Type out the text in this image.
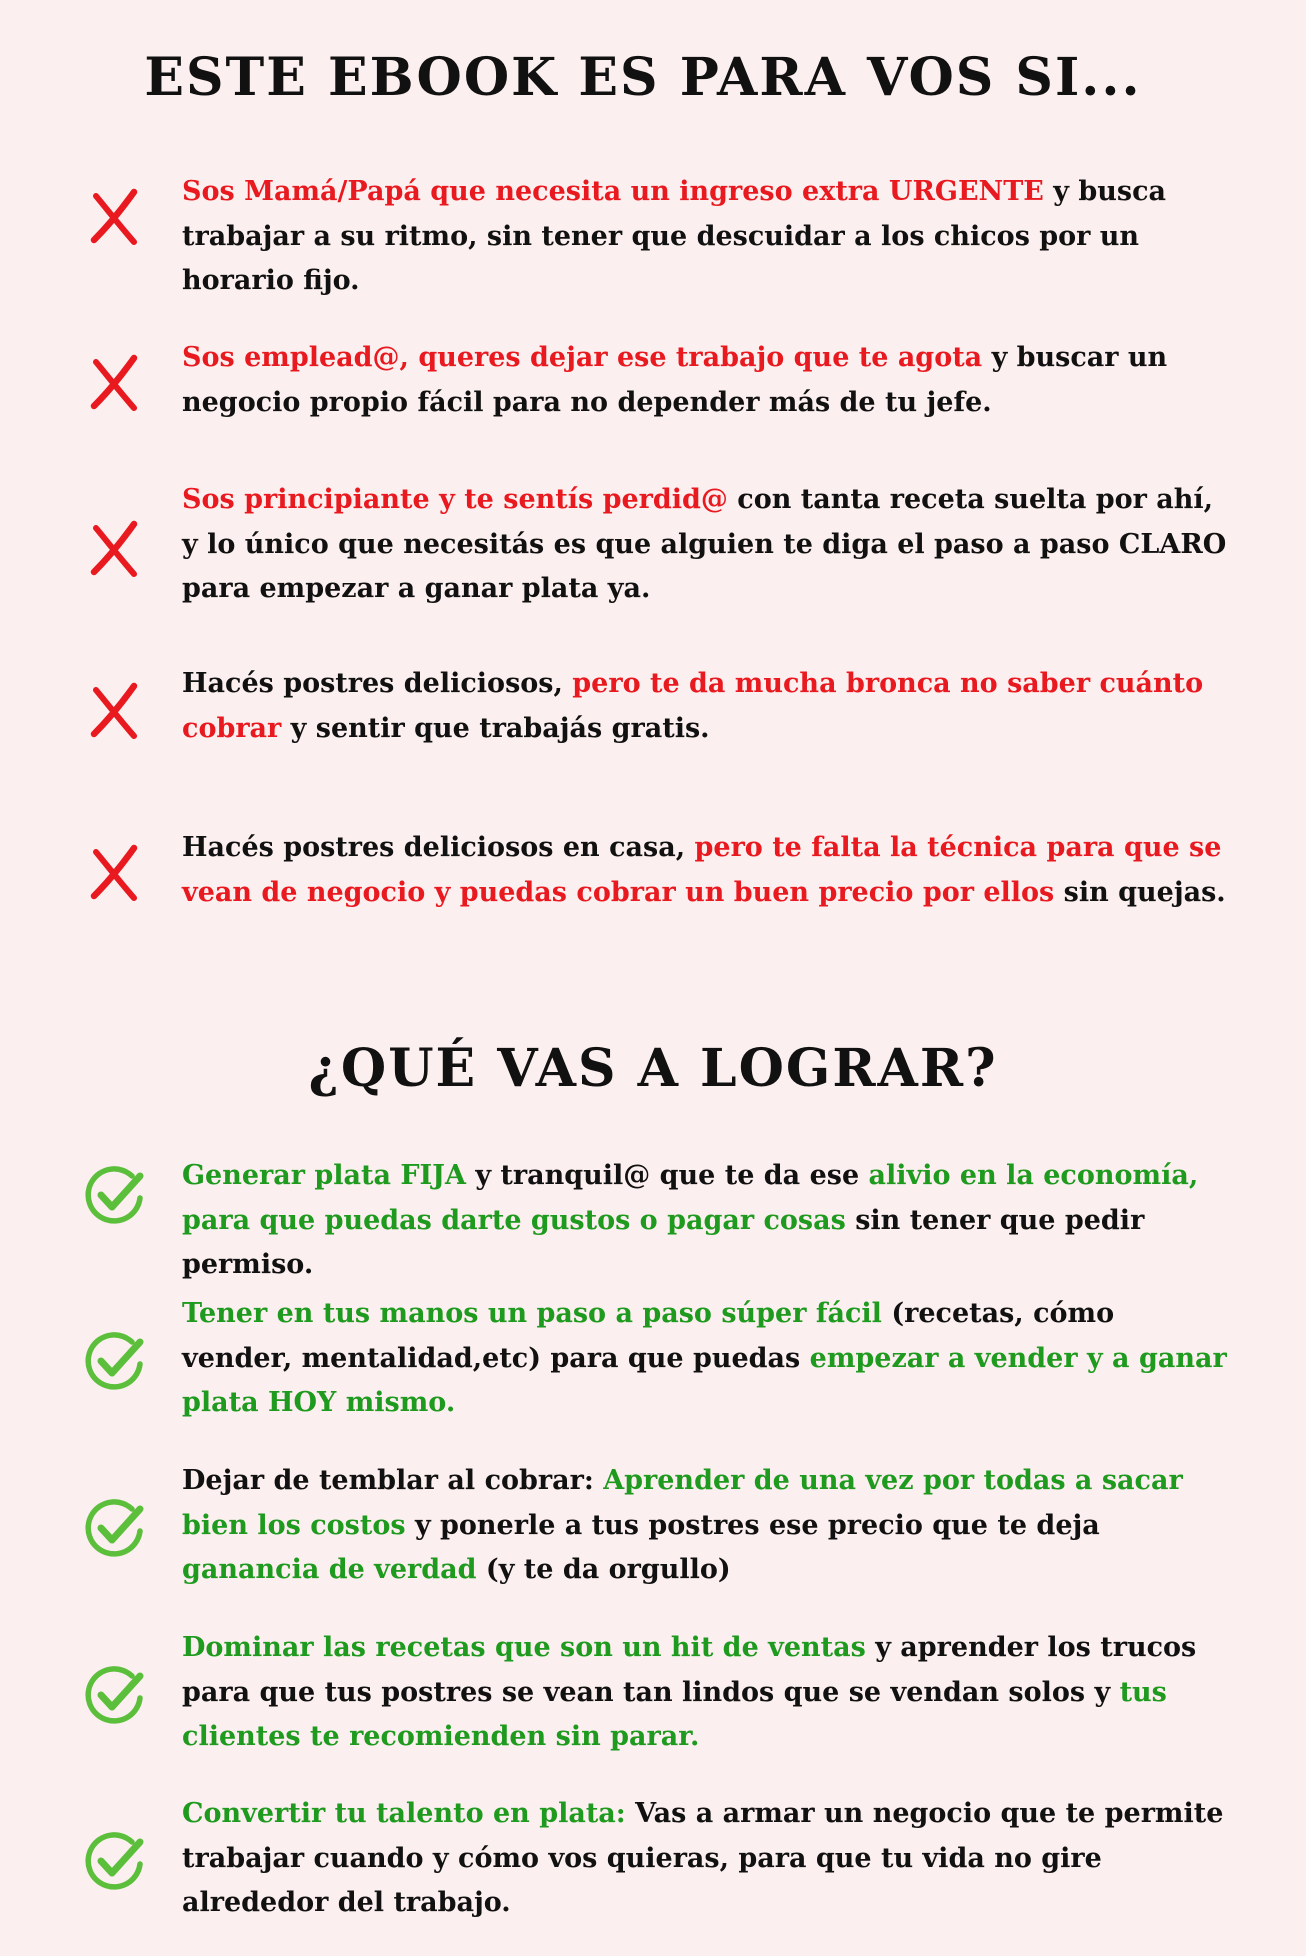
ESTE EBOOK ES PARA VOS SI...
Sos Mamá/Papá que necesita un ingreso extra URGENTE y busca trabajar a su ritmo, sin tener que descuidar a los chicos por un horario fijo.
Sos emplead@, queres dejar ese trabajo que te agota y buscar un negocio propio fácil para no depender más de tu jefe.
Sos principiante y te sentís perdid@ con tanta receta suelta por ahí, y lo único que necesitás es que alguien te diga el paso a paso CLARO para empezar a ganar plata ya.
Hacés postres deliciosos, pero te da mucha bronca no saber cuánto cobrar y sentir que trabajás gratis.
Hacés postres deliciosos en casa, pero te falta la técnica para que se vean de negocio y puedas cobrar un buen precio por ellos sin quejas.
¿QUÉ VAS A LOGRAR?
Generar plata FIJA y tranquil@ que te da ese alivio en la economía, para que puedas darte gustos o pagar cosas sin tener que pedir permiso.
Tener en tus manos un paso a paso súper fácil (recetas, cómo vender, mentalidad,etc) para que puedas empezar a vender y a ganar plata HOY mismo.
Dejar de temblar al cobrar: Aprender de una vez por todas a sacar bien los costos y ponerle a tus postres ese precio que te deja ganancia de verdad (y te da orgullo)
Dominar las recetas que son un hit de ventas y aprender los trucos para que tus postres se vean tan lindos que se vendan solos y tus clientes te recomienden sin parar.
Convertir tu talento en plata: Vas a armar un negocio que te permite trabajar cuando y cómo vos quieras, para que tu vida no gire alrededor del trabajo.
